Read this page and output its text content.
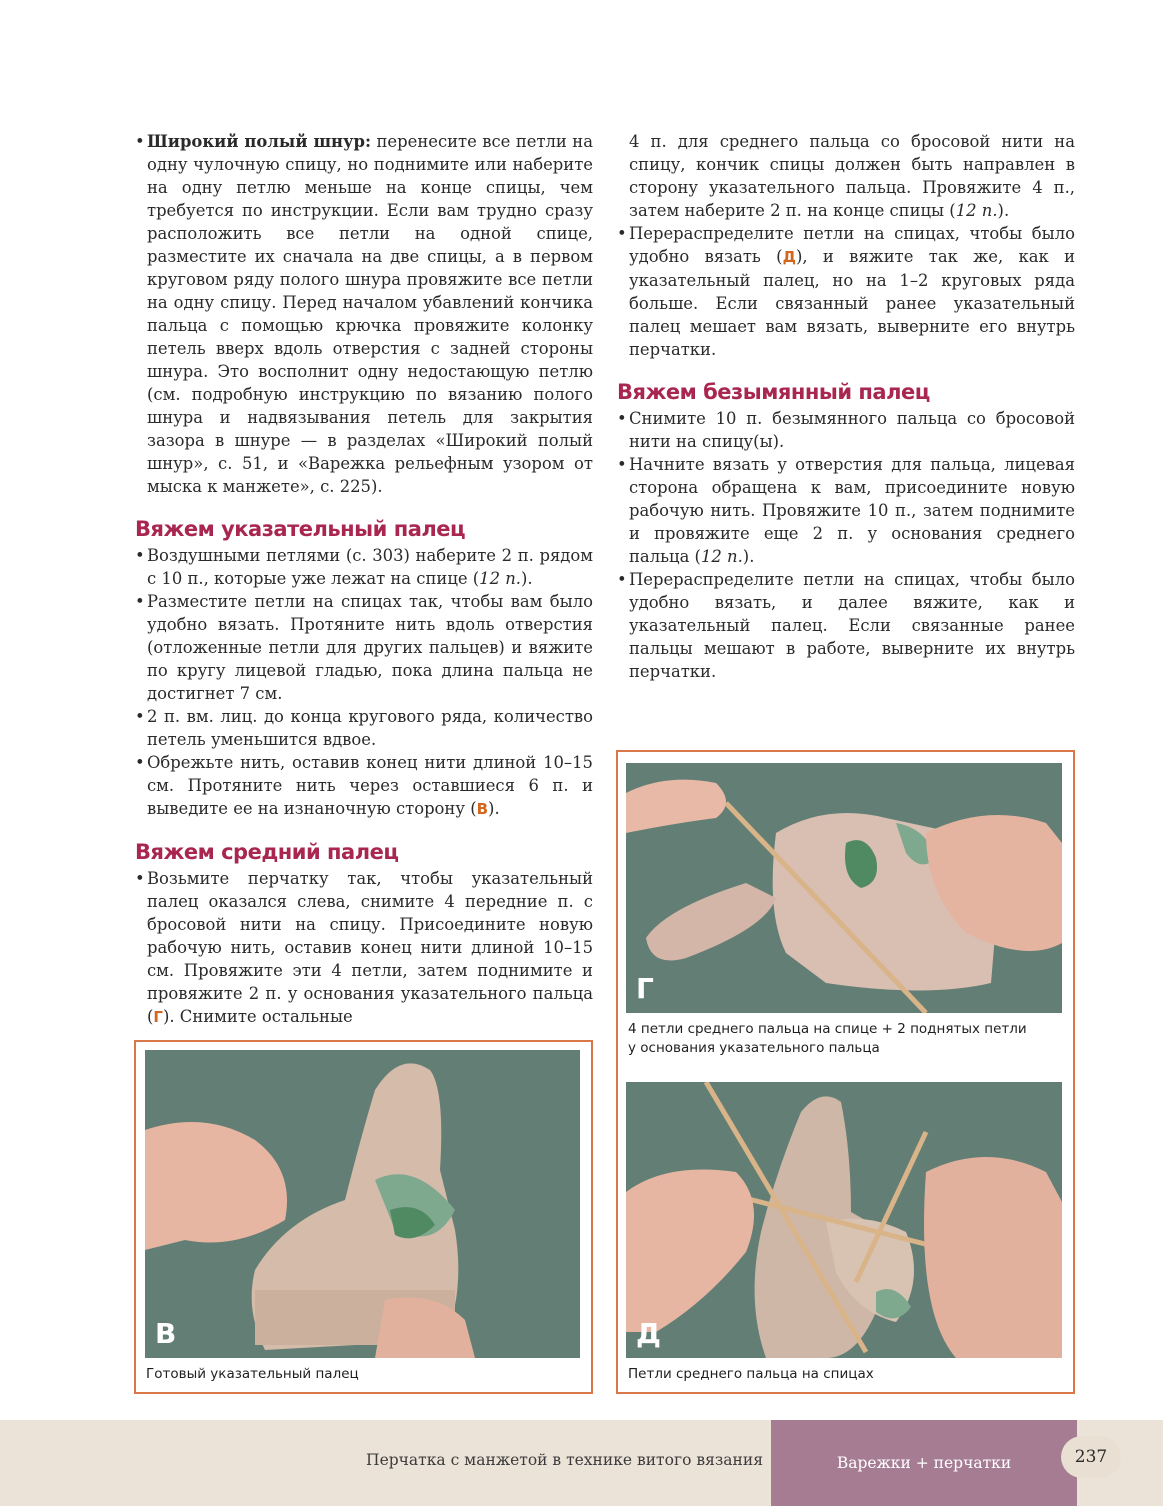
• Широкий полый шнур: перенесите все петли на одну чулочную спицу, но поднимите или наберите на одну петлю меньше на конце спицы, чем требуется по инструкции. Если вам трудно сразу расположить все петли на одной спице, разместите их сначала на две спицы, а в первом круговом ряду полого шнура провяжите все петли на одну спицу. Перед началом убавлений кончика пальца с помощью крючка провяжите колонку петель вверх вдоль отверстия с задней стороны шнура. Это восполнит одну недостающую петлю (см. подробную инструкцию по вязанию полого шнура и надвязывания петель для закрытия зазора в шнуре — в разделах «Широкий полый шнур», с. 51, и «Варежка рельефным узором от мыска к манжете», с. 225).

Вяжем указательный палец

• Воздушными петлями (с. 303) наберите 2 п. рядом с 10 п., которые уже лежат на спице (12 п.).

• Разместите петли на спицах так, чтобы вам было удобно вязать. Протяните нить вдоль отверстия (отложенные петли для других пальцев) и вяжите по кругу лицевой гладью, пока длина пальца не достигнет 7 см.

• 2 п. вм. лиц. до конца кругового ряда, количество петель уменьшится вдвое.

• Обрежьте нить, оставив конец нити длиной 10–15 см. Протяните нить через оставшиеся 6 п. и выведите ее на изнаночную сторону (В).

Вяжем средний палец

• Возьмите перчатку так, чтобы указательный палец оказался слева, снимите 4 передние п. с бросовой нити на спицу. Присоедините новую рабочую нить, оставив конец нити длиной 10–15 см. Провяжите эти 4 петли, затем поднимите и провяжите 2 п. у основания указательного пальца (Г). Снимите остальные

4 п. для среднего пальца со бросовой нити на спицу, кончик спицы должен быть направлен в сторону указательного пальца. Провяжите 4 п., затем наберите 2 п. на конце спицы (12 п.).

• Перераспределите петли на спицах, чтобы было удобно вязать (Д), и вяжите так же, как и указательный палец, но на 1–2 круговых ряда больше. Если связанный ранее указательный палец мешает вам вязать, выверните его внутрь перчатки.

Вяжем безымянный палец

• Снимите 10 п. безымянного пальца со бросовой нити на спицу(ы).

• Начните вязать у отверстия для пальца, лицевая сторона обращена к вам, присоедините новую рабочую нить. Провяжите 10 п., затем поднимите и провяжите еще 2 п. у основания среднего пальца (12 п.).

• Перераспределите петли на спицах, чтобы было удобно вязать, и далее вяжите, как и указательный палец. Если связанные ранее пальцы мешают в работе, выверните их внутрь перчатки.

Г
4 петли среднего пальца на спице + 2 поднятых петли
у основания указательного пальца
Д
Петли среднего пальца на спицах
В
Готовый указательный палец
Перчатка с манжетой в технике витого вязания	Варежки + перчатки	237
